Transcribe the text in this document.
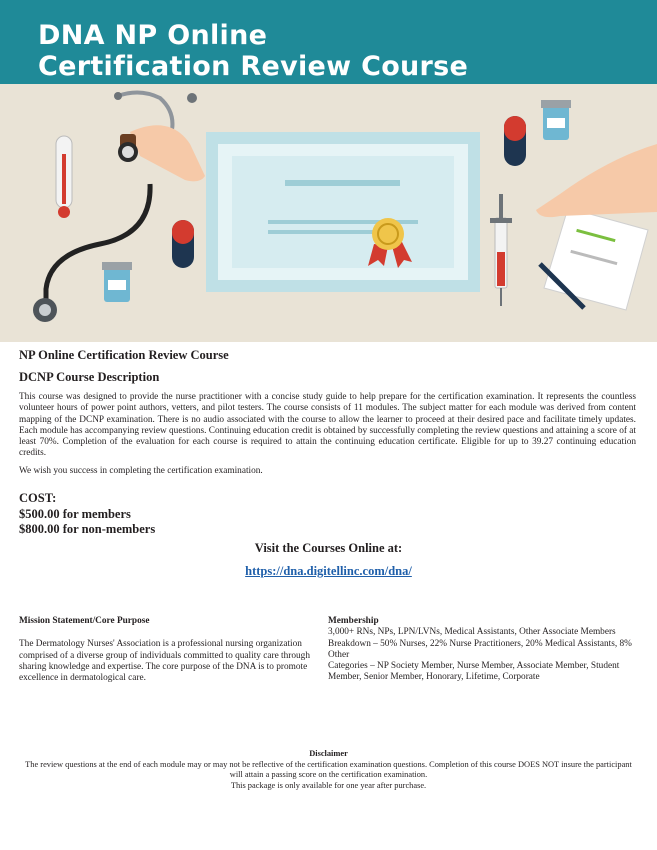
DNA NP Online
Certification Review Course
NP Online Certification Review Course
DCNP Course Description

This course was designed to provide the nurse practitioner with a concise study guide to help prepare for the certification examination. It represents the countless volunteer hours of power point authors, vetters, and pilot testers. The course consists of 11 modules. The subject matter for each module was derived from content mapping of the DCNP examination. There is no audio associated with the course to allow the learner to proceed at their desired pace and facilitate timely updates. Each module has accompanying review questions. Continuing education credit is obtained by successfully completing the review questions and attaining a score of at least 70%. Completion of the evaluation for each course is required to attain the continuing education certificate. Eligible for up to 39.27 continuing education credits.

We wish you success in completing the certification examination.

COST:
$500.00 for members
$800.00 for non-members
Visit the Courses Online at:
https://dna.digitellinc.com/dna/
Mission Statement/Core Purpose
The Dermatology Nurses' Association is a professional nursing organization comprised of a diverse group of individuals committed to quality care through sharing knowledge and expertise. The core purpose of the DNA is to promote excellence in dermatological care.
Membership
3,000+ RNs, NPs, LPN/LVNs, Medical Assistants, Other Associate Members
Breakdown – 50% Nurses, 22% Nurse Practitioners, 20% Medical Assistants, 8% Other
Categories – NP Society Member, Nurse Member, Associate Member, Student Member, Senior Member, Honorary, Lifetime, Corporate
Disclaimer
The review questions at the end of each module may or may not be reflective of the certification examination questions. Completion of this course DOES NOT insure the participant will attain a passing score on the certification examination.
This package is only available for one year after purchase.
